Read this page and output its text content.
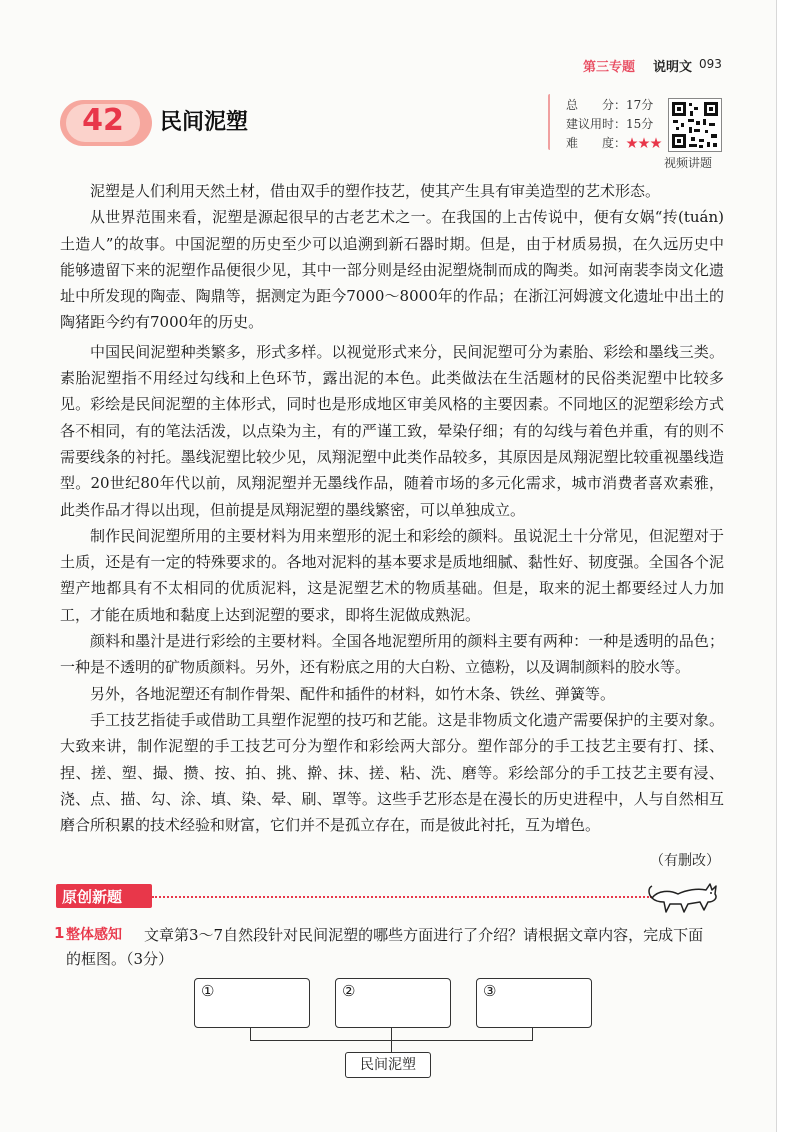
第三专题 说明文 093
42	民间泥塑
总　　分：17分
建议用时：15分
难　　度：★★★
视频讲题

泥塑是人们利用天然土材，借由双手的塑作技艺，使其产生具有审美造型的艺术形态。

从世界范围来看，泥塑是源起很早的古老艺术之一。在我国的上古传说中，便有女娲“抟(tuán)土造人”的故事。中国泥塑的历史至少可以追溯到新石器时期。但是，由于材质易损，在久远历史中能够遗留下来的泥塑作品便很少见，其中一部分则是经由泥塑烧制而成的陶类。如河南裴李岗文化遗址中所发现的陶壶、陶鼎等，据测定为距今7000～8000年的作品；在浙江河姆渡文化遗址中出土的陶猪距今约有7000年的历史。

中国民间泥塑种类繁多，形式多样。以视觉形式来分，民间泥塑可分为素胎、彩绘和墨线三类。素胎泥塑指不用经过勾线和上色环节，露出泥的本色。此类做法在生活题材的民俗类泥塑中比较多见。彩绘是民间泥塑的主体形式，同时也是形成地区审美风格的主要因素。不同地区的泥塑彩绘方式各不相同，有的笔法活泼，以点染为主，有的严谨工致，晕染仔细；有的勾线与着色并重，有的则不需要线条的衬托。墨线泥塑比较少见，凤翔泥塑中此类作品较多，其原因是凤翔泥塑比较重视墨线造型。20世纪80年代以前，凤翔泥塑并无墨线作品，随着市场的多元化需求，城市消费者喜欢素雅，此类作品才得以出现，但前提是凤翔泥塑的墨线繁密，可以单独成立。

制作民间泥塑所用的主要材料为用来塑形的泥土和彩绘的颜料。虽说泥土十分常见，但泥塑对于土质，还是有一定的特殊要求的。各地对泥料的基本要求是质地细腻、黏性好、韧度强。全国各个泥塑产地都具有不太相同的优质泥料，这是泥塑艺术的物质基础。但是，取来的泥土都要经过人力加工，才能在质地和黏度上达到泥塑的要求，即将生泥做成熟泥。

颜料和墨汁是进行彩绘的主要材料。全国各地泥塑所用的颜料主要有两种：一种是透明的品色；一种是不透明的矿物质颜料。另外，还有粉底之用的大白粉、立德粉，以及调制颜料的胶水等。

另外，各地泥塑还有制作骨架、配件和插件的材料，如竹木条、铁丝、弹簧等。

手工技艺指徒手或借助工具塑作泥塑的技巧和艺能。这是非物质文化遗产需要保护的主要对象。大致来讲，制作泥塑的手工技艺可分为塑作和彩绘两大部分。塑作部分的手工技艺主要有打、揉、捏、搓、塑、撮、攒、按、拍、挑、擀、抹、搓、粘、洗、磨等。彩绘部分的手工技艺主要有浸、浇、点、描、勾、涂、填、染、晕、刷、罩等。这些手艺形态是在漫长的历史进程中，人与自然相互磨合所积累的技术经验和财富，它们并不是孤立存在，而是彼此衬托，互为增色。

（有删改）
原创新题
1 整体感知 文章第3～7自然段针对民间泥塑的哪些方面进行了介绍？请根据文章内容，完成下面
的框图。（3分）
①	②	③
民间泥塑
